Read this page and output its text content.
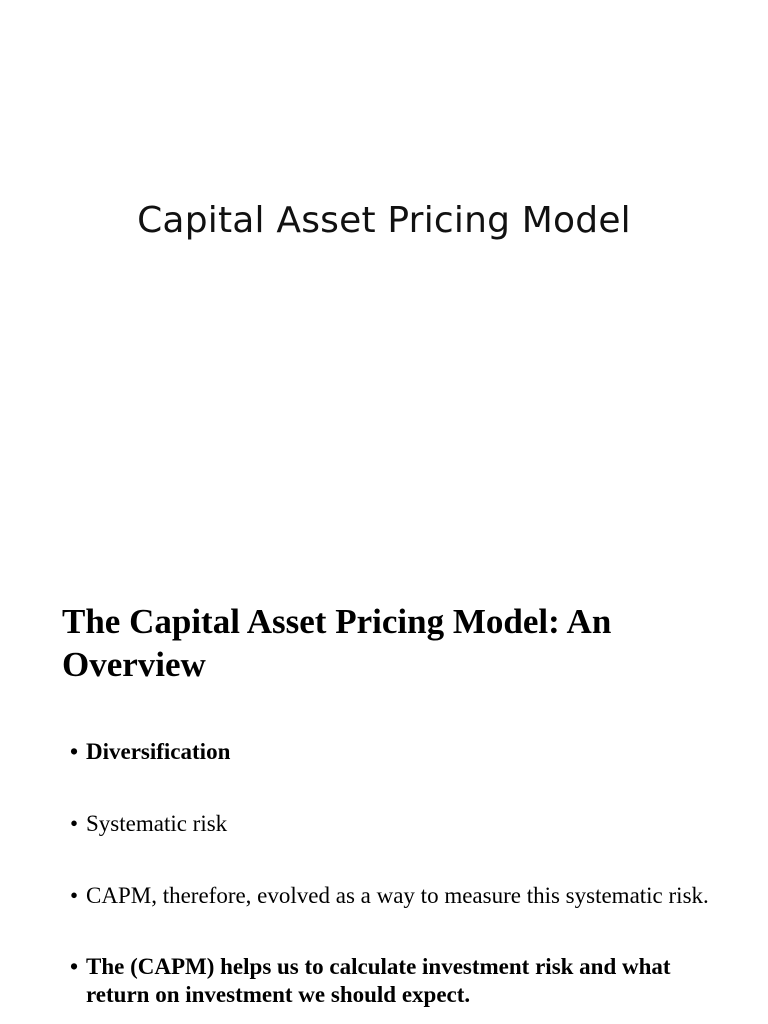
Capital Asset Pricing Model
The Capital Asset Pricing Model: An Overview
• Diversification
• Systematic risk
• CAPM, therefore, evolved as a way to measure this systematic risk.
• The (CAPM) helps us to calculate investment risk and what return on investment we should expect.
